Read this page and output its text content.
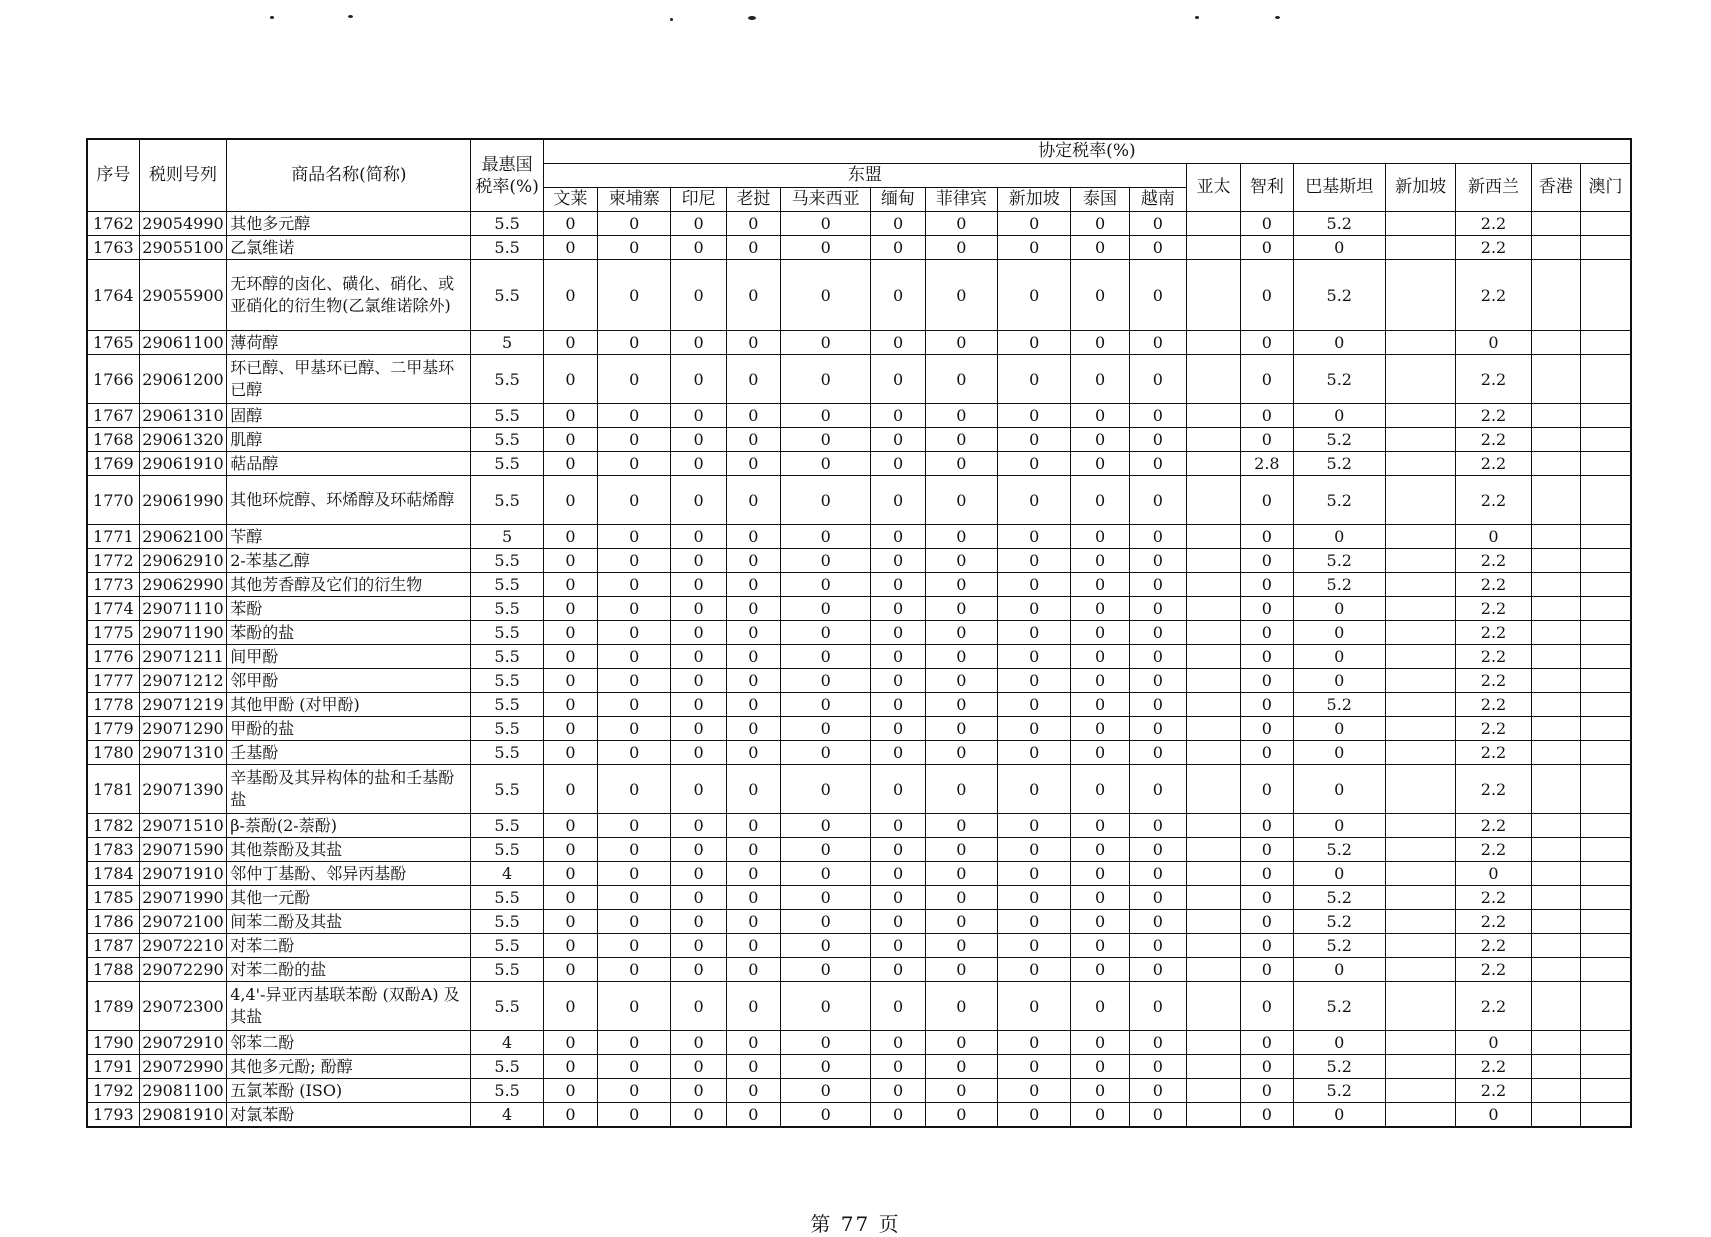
序号	税则号列	商品名称(简称)	最惠国税率(%)	协定税率(%)																
				东盟										亚太	智利	巴基斯坦	新加坡	新西兰	香港	澳门
				文莱	柬埔寨	印尼	老挝	马来西亚	缅甸	菲律宾	新加坡	泰国	越南							
1762	29054990	其他多元醇	5.5	0	0	0	0	0	0	0	0	0	0		0	5.2		2.2		
1763	29055100	乙氯维诺	5.5	0	0	0	0	0	0	0	0	0	0		0	0		2.2		
1764	29055900	无环醇的卤化、磺化、硝化、或亚硝化的衍生物(乙氯维诺除外)	5.5	0	0	0	0	0	0	0	0	0	0		0	5.2		2.2		
1765	29061100	薄荷醇	5	0	0	0	0	0	0	0	0	0	0		0	0		0		
1766	29061200	环已醇、甲基环已醇、二甲基环已醇	5.5	0	0	0	0	0	0	0	0	0	0		0	5.2		2.2		
1767	29061310	固醇	5.5	0	0	0	0	0	0	0	0	0	0		0	0		2.2		
1768	29061320	肌醇	5.5	0	0	0	0	0	0	0	0	0	0		0	5.2		2.2		
1769	29061910	萜品醇	5.5	0	0	0	0	0	0	0	0	0	0		2.8	5.2		2.2		
1770	29061990	其他环烷醇、环烯醇及环萜烯醇	5.5	0	0	0	0	0	0	0	0	0	0		0	5.2		2.2		
1771	29062100	苄醇	5	0	0	0	0	0	0	0	0	0	0		0	0		0		
1772	29062910	2-苯基乙醇	5.5	0	0	0	0	0	0	0	0	0	0		0	5.2		2.2		
1773	29062990	其他芳香醇及它们的衍生物	5.5	0	0	0	0	0	0	0	0	0	0		0	5.2		2.2		
1774	29071110	苯酚	5.5	0	0	0	0	0	0	0	0	0	0		0	0		2.2		
1775	29071190	苯酚的盐	5.5	0	0	0	0	0	0	0	0	0	0		0	0		2.2		
1776	29071211	间甲酚	5.5	0	0	0	0	0	0	0	0	0	0		0	0		2.2		
1777	29071212	邻甲酚	5.5	0	0	0	0	0	0	0	0	0	0		0	0		2.2		
1778	29071219	其他甲酚 (对甲酚)	5.5	0	0	0	0	0	0	0	0	0	0		0	5.2		2.2		
1779	29071290	甲酚的盐	5.5	0	0	0	0	0	0	0	0	0	0		0	0		2.2		
1780	29071310	壬基酚	5.5	0	0	0	0	0	0	0	0	0	0		0	0		2.2		
1781	29071390	辛基酚及其异构体的盐和壬基酚盐	5.5	0	0	0	0	0	0	0	0	0	0		0	0		2.2		
1782	29071510	β-萘酚(2-萘酚)	5.5	0	0	0	0	0	0	0	0	0	0		0	0		2.2		
1783	29071590	其他萘酚及其盐	5.5	0	0	0	0	0	0	0	0	0	0		0	5.2		2.2		
1784	29071910	邻仲丁基酚、邻异丙基酚	4	0	0	0	0	0	0	0	0	0	0		0	0		0		
1785	29071990	其他一元酚	5.5	0	0	0	0	0	0	0	0	0	0		0	5.2		2.2		
1786	29072100	间苯二酚及其盐	5.5	0	0	0	0	0	0	0	0	0	0		0	5.2		2.2		
1787	29072210	对苯二酚	5.5	0	0	0	0	0	0	0	0	0	0		0	5.2		2.2		
1788	29072290	对苯二酚的盐	5.5	0	0	0	0	0	0	0	0	0	0		0	0		2.2		
1789	29072300	4,4'-异亚丙基联苯酚 (双酚A) 及其盐	5.5	0	0	0	0	0	0	0	0	0	0		0	5.2		2.2		
1790	29072910	邻苯二酚	4	0	0	0	0	0	0	0	0	0	0		0	0		0		
1791	29072990	其他多元酚; 酚醇	5.5	0	0	0	0	0	0	0	0	0	0		0	5.2		2.2		
1792	29081100	五氯苯酚 (ISO)	5.5	0	0	0	0	0	0	0	0	0	0		0	5.2		2.2		
1793	29081910	对氯苯酚	4	0	0	0	0	0	0	0	0	0	0		0	0		0		
第 77 页
